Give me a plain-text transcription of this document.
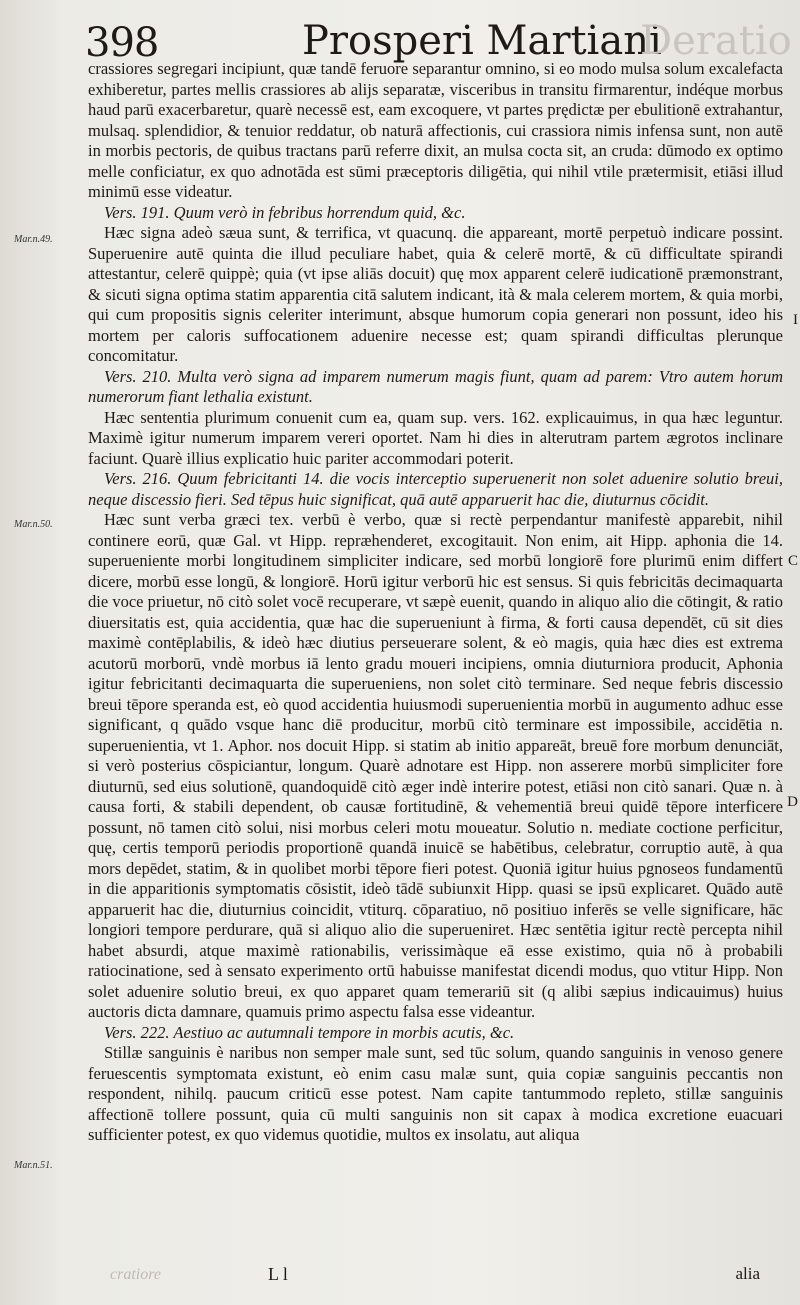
398	Prosperi Martiani
Deratio
Mar.n.49.
Mar.n.50.
Mar.n.51.
I
C
D

crassiores segregari incipiunt, quæ tandē feruore separantur omnino, si eo modo mulsa solum excalefacta exhiberetur, partes mellis crassiores ab alijs separatæ, visceribus in transitu firmarentur, indéque morbus haud parū exacerbaretur, quarè necessē est, eam excoquere, vt partes prędictæ per ebulitionē extrahantur, mulsaq. splendidior, & tenuior reddatur, ob naturā affectionis, cui crassiora nimis infensa sunt, non autē in morbis pectoris, de quibus tractans parū referre dixit, an mulsa cocta sit, an cruda: dūmodo ex optimo melle conficiatur, ex quo adnotāda est sūmi præceptoris diligētia, qui nihil vtile prætermisit, etiāsi illud minimū esse videatur.

Vers. 191. Quum verò in febribus horrendum quid, &c.

Hæc signa adeò sæua sunt, & terrifica, vt quacunq. die appareant, mortē perpetuò indicare possint. Superuenire autē quinta die illud peculiare habet, quia & celerē mortē, & cū difficultate spirandi attestantur, celerē quippè; quia (vt ipse aliās docuit) quę mox apparent celerē iudicationē præmonstrant, & sicuti signa optima statim apparentia citā salutem indicant, ità & mala celerem mortem, & quia morbi, qui cum propositis signis celeriter interimunt, absque humorum copia generari non possunt, ideo his mortem per caloris suffocationem aduenire necesse est; quam spirandi difficultas plerunque concomitatur.

Vers. 210. Multa verò signa ad imparem numerum magis fiunt, quam ad parem: Vtro autem horum numerorum fiant lethalia existunt.

Hæc sententia plurimum conuenit cum ea, quam sup. vers. 162. explicauimus, in qua hæc leguntur. Maximè igitur numerum imparem vereri oportet. Nam hi dies in alterutram partem ægrotos inclinare faciunt. Quarè illius explicatio huic pariter accommodari poterit.

Vers. 216. Quum febricitanti 14. die vocis interceptio superuenerit non solet aduenire solutio breui, neque discessio fieri. Sed tēpus huic significat, quā autē apparuerit hac die, diuturnus cōcidit.

Hæc sunt verba græci tex. verbū è verbo, quæ si rectè perpendantur manifestè apparebit, nihil continere eorū, quæ Gal. vt Hipp. repræhenderet, excogitauit. Non enim, ait Hipp. aphonia die 14. superueniente morbi longitudinem simpliciter indicare, sed morbū longiorē fore plurimū enim differt dicere, morbū esse longū, & longiorē. Horū igitur verborū hic est sensus. Si quis febricitās decimaquarta die voce priuetur, nō citò solet vocē recuperare, vt sæpè euenit, quando in aliquo alio die cōtingit, & ratio diuersitatis est, quia accidentia, quæ hac die superueniunt à firma, & forti causa dependēt, cū sit dies maximè contēplabilis, & ideò hæc diutius perseuerare solent, & eò magis, quia hæc dies est extrema acutorū morborū, vndè morbus iā lento gradu moueri incipiens, omnia diuturniora producit, Aphonia igitur febricitanti decimaquarta die superueniens, non solet citò terminare. Sed neque febris discessio breui tēpore speranda est, eò quod accidentia huiusmodi superuenientia morbū in augumento adhuc esse significant, q quādo vsque hanc diē producitur, morbū citò terminare est impossibile, accidētia n. superuenientia, vt 1. Aphor. nos docuit Hipp. si statim ab initio appareāt, breuē fore morbum denunciāt, si verò posterius cōspiciantur, longum. Quarè adnotare est Hipp. non asserere morbū simpliciter fore diuturnū, sed eius solutionē, quandoquidē citò æger indè interire potest, etiāsi non citò sanari. Quæ n. à causa forti, & stabili dependent, ob causæ fortitudinē, & vehementiā breui quidē tēpore interficere possunt, nō tamen citò solui, nisi morbus celeri motu moueatur. Solutio n. mediate coctione perficitur, quę, certis temporū periodis proportionē quandā inuicē se habētibus, celebratur, corruptio autē, à qua mors depēdet, statim, & in quolibet morbi tēpore fieri potest. Quoniā igitur huius pgnoseos fundamentū in die apparitionis symptomatis cōsistit, ideò tādē subiunxit Hipp. quasi se ipsū explicaret. Quādo autē apparuerit hac die, diuturnius coincidit, vtiturq. cōparatiuo, nō positiuo inferēs se velle significare, hāc longiori tempore perdurare, quā si aliquo alio die superueniret. Hæc sentētia igitur rectè percepta nihil habet absurdi, atque maximè rationabilis, verissimàque eā esse existimo, quia nō à probabili ratiocinatione, sed à sensato experimento ortū habuisse manifestat dicendi modus, quo vtitur Hipp. Non solet aduenire solutio breui, ex quo apparet quam temerariū sit (q alibi sæpius indicauimus) huius auctoris dicta damnare, quamuis primo aspectu falsa esse videantur.

Vers. 222. Aestiuo ac autumnali tempore in morbis acutis, &c.

Stillæ sanguinis è naribus non semper male sunt, sed tūc solum, quando sanguinis in venoso genere feruescentis symptomata existunt, eò enim casu malæ sunt, quia copiæ sanguinis peccantis non respondent, nihilq. paucum criticū esse potest. Nam capite tantummodo repleto, stillæ sanguinis affectionē tollere possunt, quia cū multi sanguinis non sit capax à modica excretione euacuari sufficienter potest, ex quo videmus quotidie, multos ex insolatu, aut aliqua

cratiore	L l	alia
